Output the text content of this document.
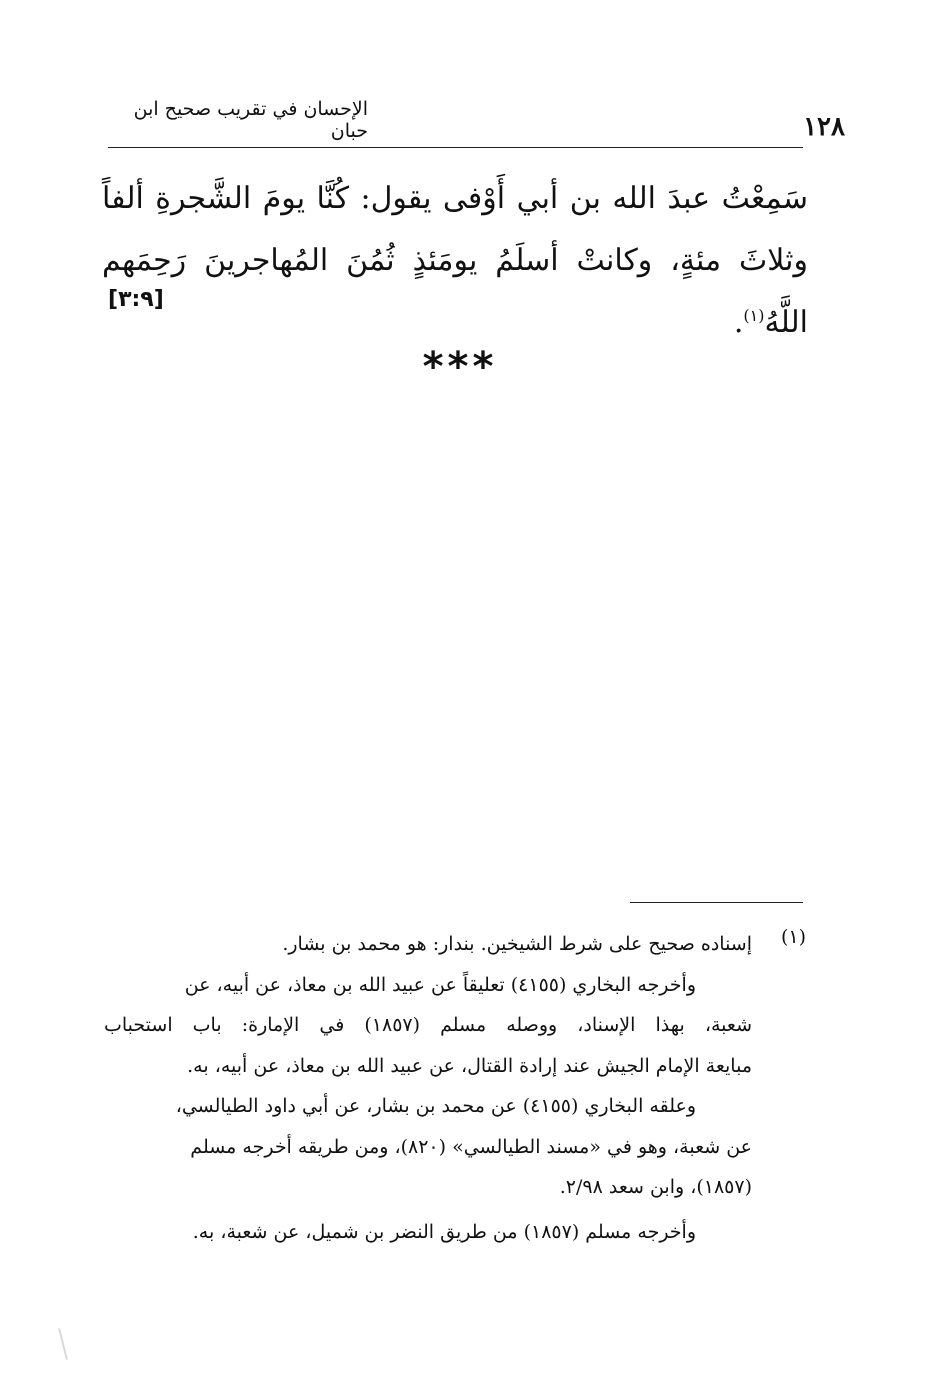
الإحسان في تقريب صحيح ابن حبان	١٢٨
سَمِعْتُ عبدَ الله بن أبي أَوْفى يقول: كُنَّا يومَ الشَّجرةِ ألفاً وثلاثَ مئةٍ، وكانتْ أسلَمُ يومَئذٍ ثُمُنَ المُهاجرينَ رَحِمَهم اللَّهُ$^{(١)}$.
[٣:٩]
***
(١)
إسناده صحيح على شرط الشيخين. بندار: هو محمد بن بشار.
وأخرجه البخاري (٤١٥٥) تعليقاً عن عبيد الله بن معاذ، عن أبيه، عن
شعبة، بهذا الإسناد، ووصله مسلم (١٨٥٧) في الإمارة: باب استحباب
مبايعة الإمام الجيش عند إرادة القتال، عن عبيد الله بن معاذ، عن أبيه، به.
وعلقه البخاري (٤١٥٥) عن محمد بن بشار، عن أبي داود الطيالسي،
عن شعبة، وهو في «مسند الطيالسي» (٨٢٠)، ومن طريقه أخرجه مسلم
(١٨٥٧)، وابن سعد ٢/٩٨.
وأخرجه مسلم (١٨٥٧) من طريق النضر بن شميل، عن شعبة، به.
